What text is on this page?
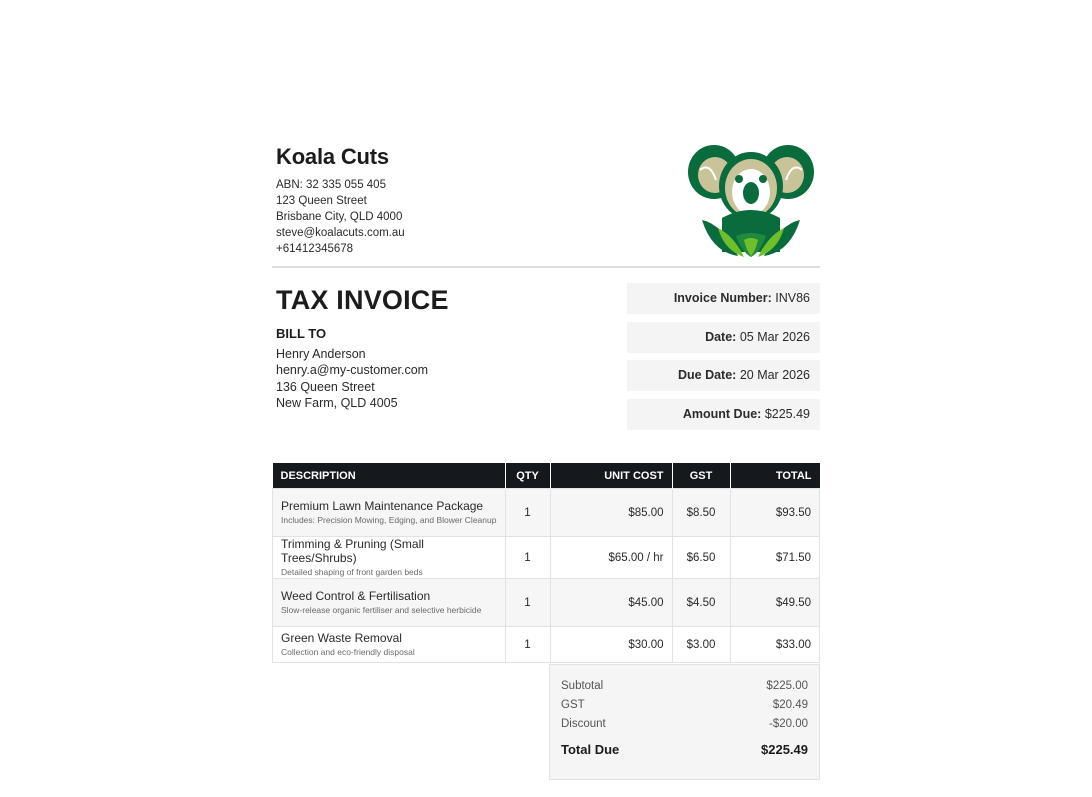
Koala Cuts
ABN: 32 335 055 405
123 Queen Street
Brisbane City, QLD 4000
steve@koalacuts.com.au
+61412345678
TAX INVOICE
BILL TO
Henry Anderson
henry.a@my-customer.com
136 Queen Street
New Farm, QLD 4005
Invoice Number: INV86
Date: 05 Mar 2026
Due Date: 20 Mar 2026
Amount Due: $225.49
DESCRIPTION	QTY	UNIT COST	GST	TOTAL

Premium Lawn Maintenance Package
Includes: Precision Mowing, Edging, and Blower Cleanup	1	$85.00	$8.50	$93.50

Trimming & Pruning (Small Trees/Shrubs)
Detailed shaping of front garden beds	1	$65.00 / hr	$6.50	$71.50

Weed Control & Fertilisation
Slow-release organic fertiliser and selective herbicide	1	$45.00	$4.50	$49.50

Green Waste Removal
Collection and eco-friendly disposal	1	$30.00	$3.00	$33.00
Subtotal	$225.00
GST	$20.49
Discount	-$20.00
Total Due	$225.49
